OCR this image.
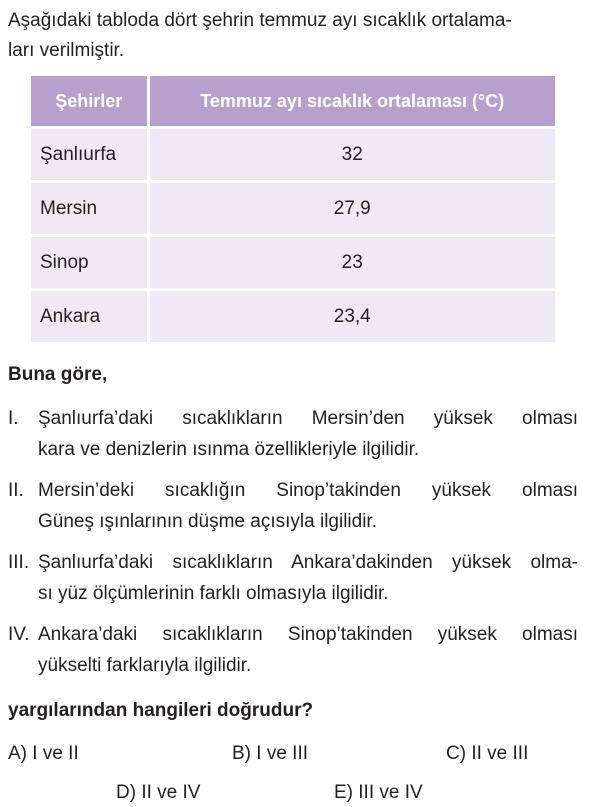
Aşağıdaki tabloda dört şehrin temmuz ayı sıcaklık ortalama-
ları verilmiştir.
Şehirler	Temmuz ayı sıcaklık ortalaması (°C)
Şanlıurfa	32
Mersin	27,9
Sinop	23
Ankara	23,4
Buna göre,
I. Şanlıurfa’daki sıcaklıkların Mersin’den yüksek olması
kara ve denizlerin ısınma özellikleriyle ilgilidir.
II. Mersin’deki sıcaklığın Sinop’takinden yüksek olması
Güneş ışınlarının düşme açısıyla ilgilidir.
III. Şanlıurfa’daki sıcaklıkların Ankara’dakinden yüksek olma-
sı yüz ölçümlerinin farklı olmasıyla ilgilidir.
IV. Ankara’daki sıcaklıkların Sinop’takinden yüksek olması
yükselti farklarıyla ilgilidir.
yargılarından hangileri doğrudur?
A) I ve II	B) I ve III	C) II ve III
D) II ve IV	E) III ve IV
